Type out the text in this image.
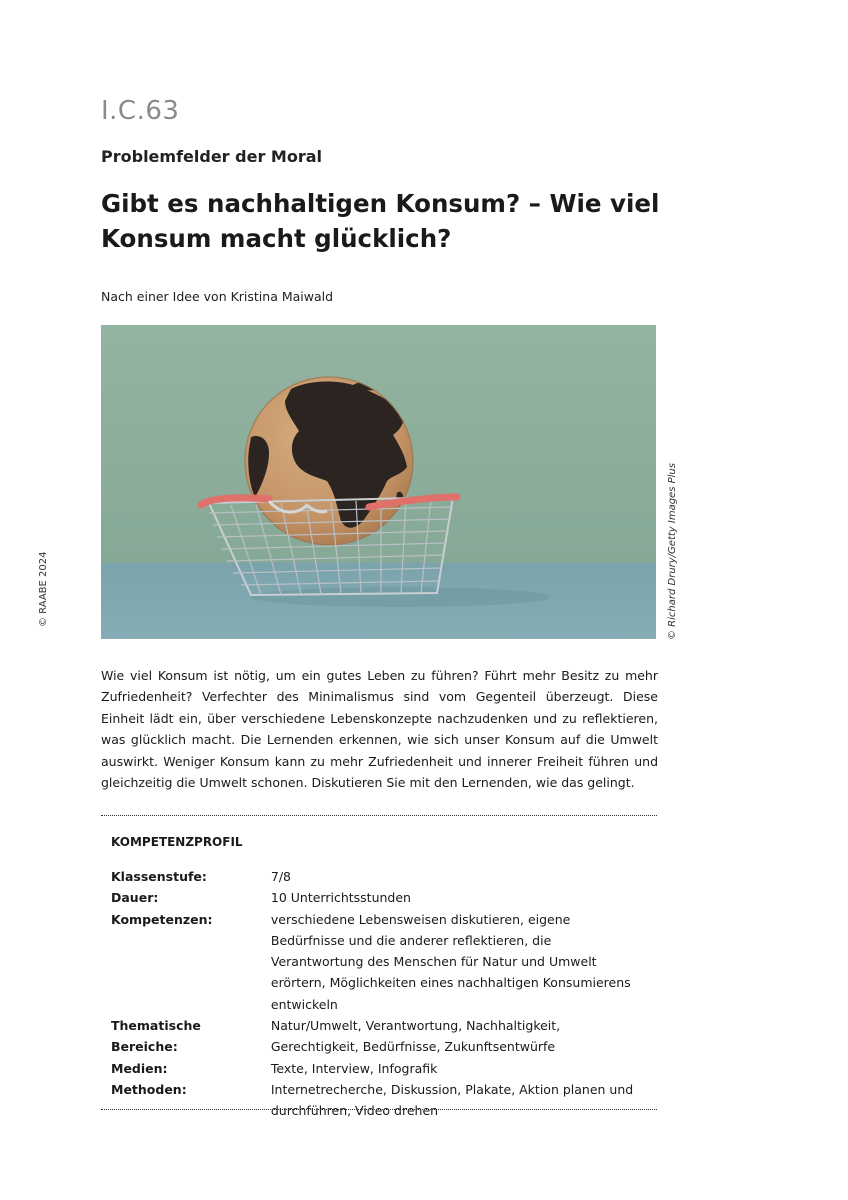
I.C.63
Problemfelder der Moral
Gibt es nachhaltigen Konsum? – Wie viel Konsum macht glücklich?
Nach einer Idee von Kristina Maiwald
© Richard Drury/Getty Images Plus
© RAABE 2024

Wie viel Konsum ist nötig, um ein gutes Leben zu führen? Führt mehr Besitz zu mehr Zufriedenheit? Verfechter des Minimalismus sind vom Gegenteil überzeugt. Diese Einheit lädt ein, über verschiedene Lebenskonzepte nachzudenken und zu reflektieren, was glücklich macht. Die Lernenden erkennen, wie sich unser Konsum auf die Umwelt auswirkt. Weniger Konsum kann zu mehr Zufriedenheit und innerer Freiheit führen und gleichzeitig die Umwelt schonen. Diskutieren Sie mit den Lernenden, wie das gelingt.

KOMPETENZPROFIL
Klassenstufe:	7/8
Dauer:	10 Unterrichtsstunden
Kompetenzen:	verschiedene Lebensweisen diskutieren, eigene Bedürfnisse und die anderer reflektieren, die Verantwortung des Menschen für Natur und Umwelt erörtern, Möglichkeiten eines nachhaltigen Konsumierens entwickeln
Thematische Bereiche:	Natur/Umwelt, Verantwortung, Nachhaltigkeit, Gerechtigkeit, Bedürfnisse, Zukunftsentwürfe
Medien:	Texte, Interview, Infografik
Methoden:	Internetrecherche, Diskussion, Plakate, Aktion planen und durchführen, Video drehen
